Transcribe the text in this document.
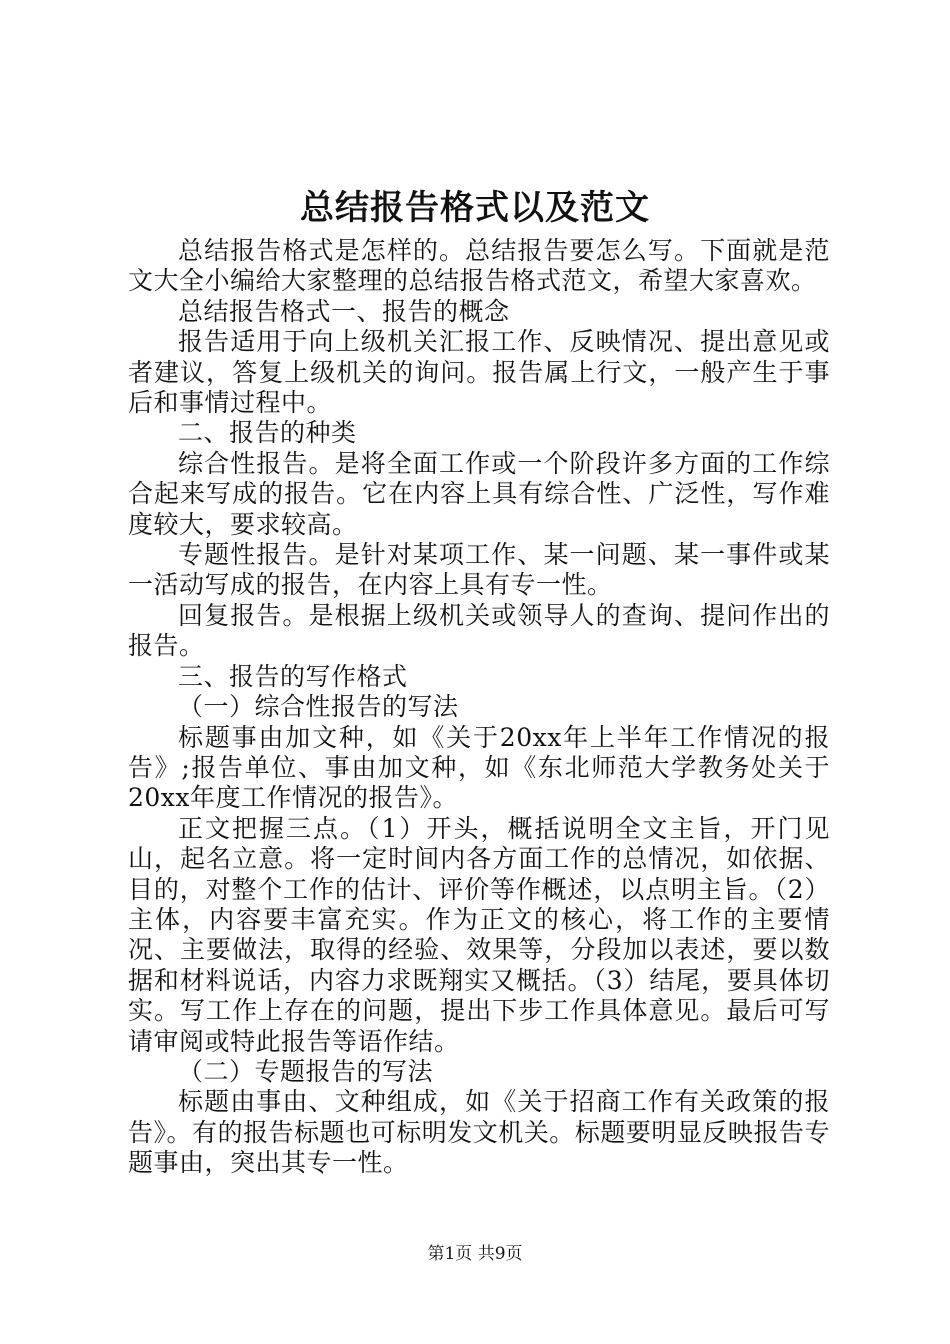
总结报告格式以及范文

总结报告格式是怎样的。总结报告要怎么写。下面就是范文大全小编给大家整理的总结报告格式范文，希望大家喜欢。

总结报告格式一、报告的概念

报告适用于向上级机关汇报工作、反映情况、提出意见或者建议，答复上级机关的询问。报告属上行文，一般产生于事后和事情过程中。

二、报告的种类

综合性报告。是将全面工作或一个阶段许多方面的工作综合起来写成的报告。它在内容上具有综合性、广泛性，写作难度较大，要求较高。

专题性报告。是针对某项工作、某一问题、某一事件或某一活动写成的报告，在内容上具有专一性。

回复报告。是根据上级机关或领导人的查询、提问作出的报告。

三、报告的写作格式

（一）综合性报告的写法

标题事由加文种，如《关于20xx年上半年工作情况的报告》;报告单位、事由加文种，如《东北师范大学教务处关于20xx年度工作情况的报告》。

正文把握三点。（1）开头，概括说明全文主旨，开门见山，起名立意。将一定时间内各方面工作的总情况，如依据、目的，对整个工作的估计、评价等作概述，以点明主旨。（2）主体，内容要丰富充实。作为正文的核心，将工作的主要情况、主要做法，取得的经验、效果等，分段加以表述，要以数据和材料说话，内容力求既翔实又概括。（3）结尾，要具体切实。写工作上存在的问题，提出下步工作具体意见。最后可写请审阅或特此报告等语作结。

（二）专题报告的写法

标题由事由、文种组成，如《关于招商工作有关政策的报告》。有的报告标题也可标明发文机关。标题要明显反映报告专题事由，突出其专一性。

第1页 共9页
